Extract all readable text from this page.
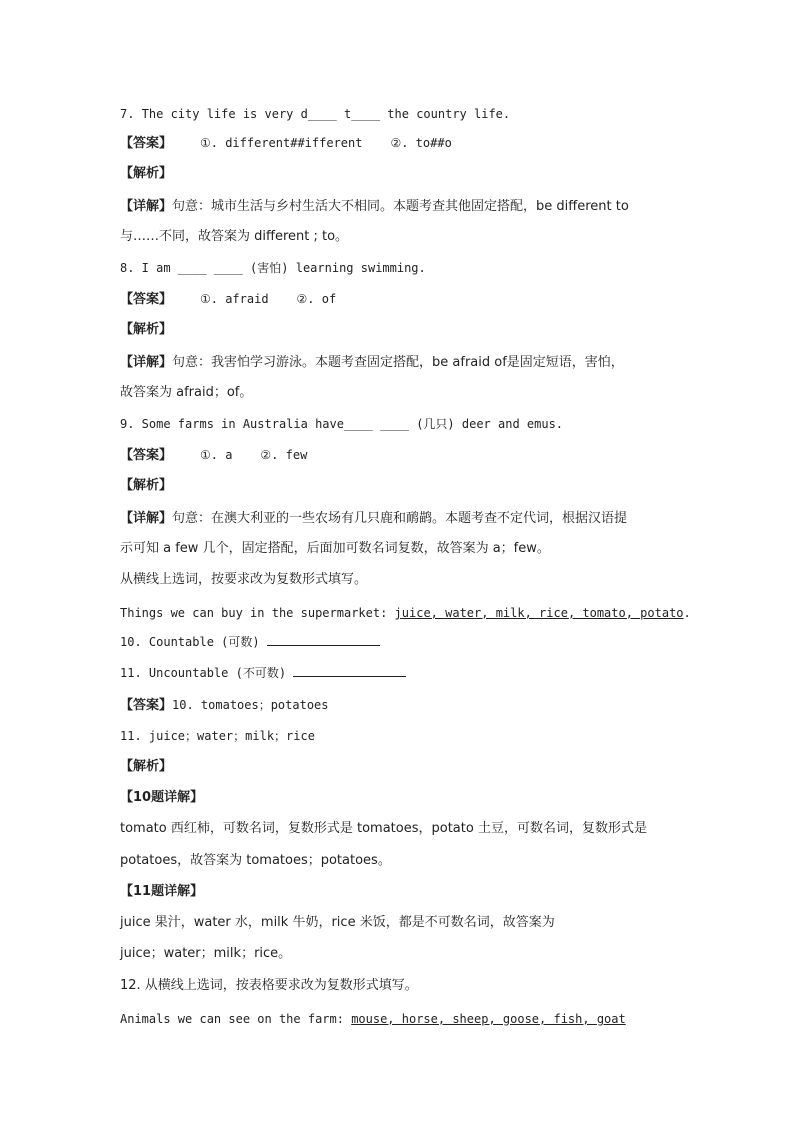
7. The city life is very d____ t____ the country life.
【答案】 ①. different##ifferent ②. to##o
【解析】
【详解】句意：城市生活与乡村生活大不相同。本题考查其他固定搭配，be different to
与……不同，故答案为 different ; to。
8. I am ____ ____ (害怕) learning swimming.
【答案】 ①. afraid ②. of
【解析】
【详解】句意：我害怕学习游泳。本题考查固定搭配，be afraid of是固定短语，害怕，
故答案为 afraid；of。
9. Some farms in Australia have____ ____ (几只) deer and emus.
【答案】 ①. a ②. few
【解析】
【详解】句意：在澳大利亚的一些农场有几只鹿和鸸鹋。本题考查不定代词，根据汉语提
示可知 a few 几个，固定搭配，后面加可数名词复数，故答案为 a；few。
从横线上选词，按要求改为复数形式填写。
Things we can buy in the supermarket: juice, water, milk, rice, tomato, potato.
10. Countable (可数)
11. Uncountable (不可数)
【答案】10. tomatoes；potatoes
11. juice；water；milk；rice
【解析】
【10题详解】
tomato 西红柿，可数名词，复数形式是 tomatoes，potato 土豆，可数名词，复数形式是
potatoes，故答案为 tomatoes；potatoes。
【11题详解】
juice 果汁，water 水，milk 牛奶，rice 米饭，都是不可数名词，故答案为
juice；water；milk；rice。
12. 从横线上选词，按表格要求改为复数形式填写。
Animals we can see on the farm: mouse, horse, sheep, goose, fish, goat
